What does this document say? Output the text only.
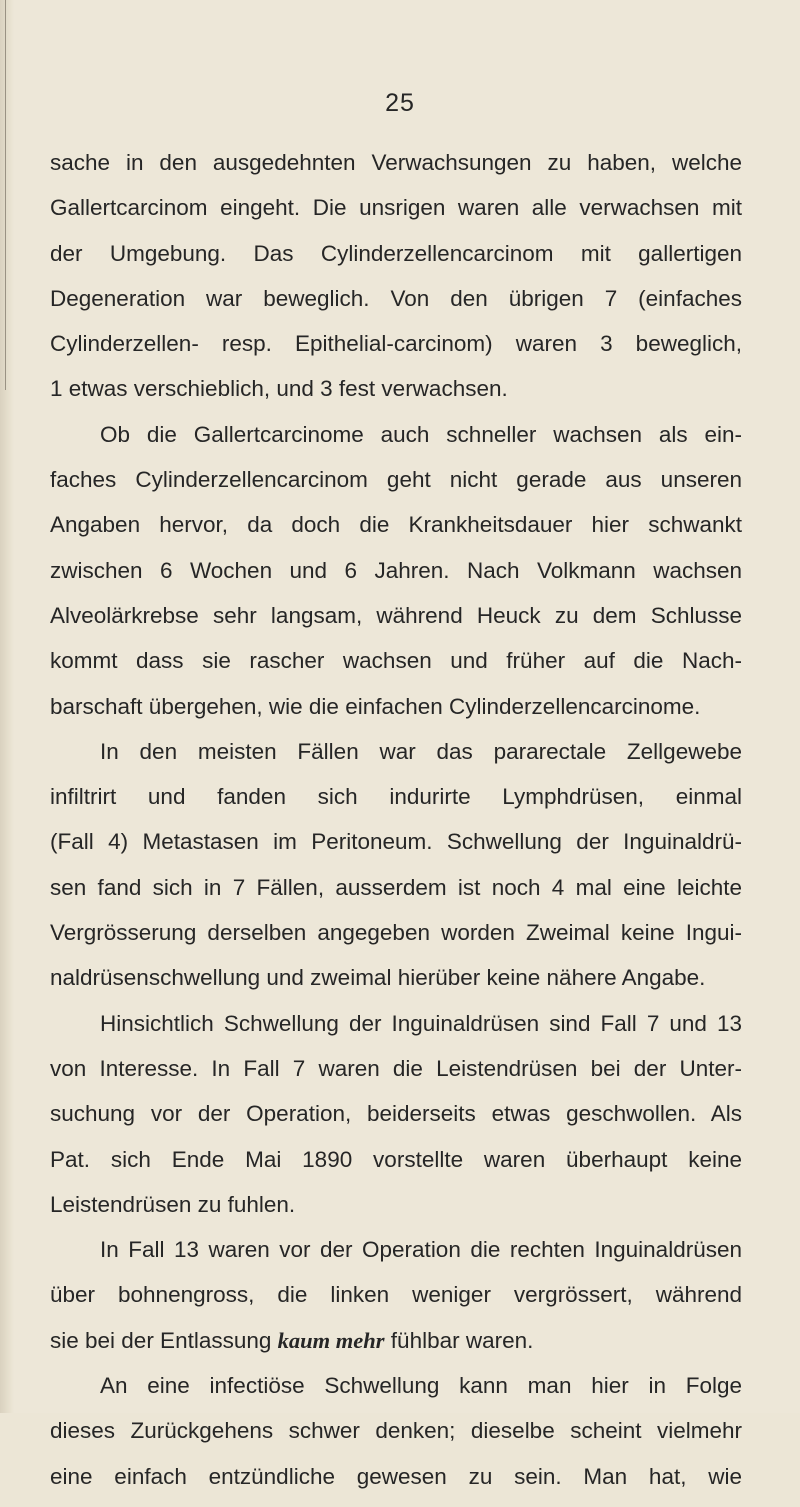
25
sache in den ausgedehnten Verwachsungen zu haben, welche
Gallertcarcinom eingeht. Die unsrigen waren alle verwachsen mit
der Umgebung. Das Cylinderzellencarcinom mit gallertigen
Degeneration war beweglich. Von den übrigen 7 (einfaches
Cylinderzellen- resp. Epithelial-carcinom) waren 3 beweglich,
1 etwas verschieblich, und 3 fest verwachsen.
Ob die Gallertcarcinome auch schneller wachsen als ein-
faches Cylinderzellencarcinom geht nicht gerade aus unseren
Angaben hervor, da doch die Krankheitsdauer hier schwankt
zwischen 6 Wochen und 6 Jahren. Nach Volkmann wachsen
Alveolärkrebse sehr langsam, während Heuck zu dem Schlusse
kommt dass sie rascher wachsen und früher auf die Nach-
barschaft übergehen, wie die einfachen Cylinderzellencarcinome.
In den meisten Fällen war das pararectale Zellgewebe
infiltrirt und fanden sich indurirte Lymphdrüsen, einmal
(Fall 4) Metastasen im Peritoneum. Schwellung der Inguinaldrü-
sen fand sich in 7 Fällen, ausserdem ist noch 4 mal eine leichte
Vergrösserung derselben angegeben worden Zweimal keine Ingui-
naldrüsenschwellung und zweimal hierüber keine nähere Angabe.
Hinsichtlich Schwellung der Inguinaldrüsen sind Fall 7 und 13
von Interesse. In Fall 7 waren die Leistendrüsen bei der Unter-
suchung vor der Operation, beiderseits etwas geschwollen. Als
Pat. sich Ende Mai 1890 vorstellte waren überhaupt keine
Leistendrüsen zu fuhlen.
In Fall 13 waren vor der Operation die rechten Inguinaldrüsen
über bohnengross, die linken weniger vergrössert, während
sie bei der Entlassung kaum mehr fühlbar waren.
An eine infectiöse Schwellung kann man hier in Folge
dieses Zurückgehens schwer denken; dieselbe scheint vielmehr
eine einfach entzündliche gewesen zu sein. Man hat, wie
